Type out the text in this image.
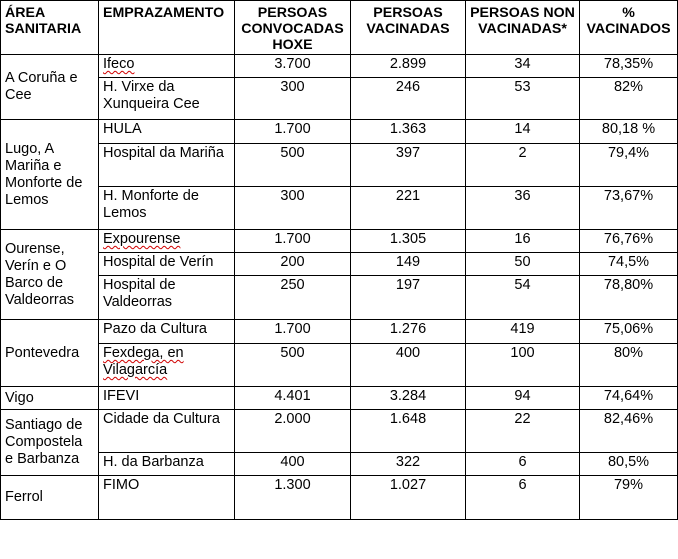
ÁREA SANITARIA	EMPRAZAMENTO	PERSOAS CONVOCADAS HOXE	PERSOAS VACINADAS	PERSOAS NON VACINADAS*	% VACINADOS
A Coruña e Cee	Ifeco	3.700	2.899	34	78,35%
	H. Virxe da Xunqueira Cee	300	246	53	82%
Lugo, A Mariña e Monforte de Lemos	HULA	1.700	1.363	14	80,18 %
	Hospital da Mariña	500	397	2	79,4%
	H. Monforte de Lemos	300	221	36	73,67%
Ourense, Verín e O Barco de Valdeorras	Expourense	1.700	1.305	16	76,76%
	Hospital de Verín	200	149	50	74,5%
	Hospital de Valdeorras	250	197	54	78,80%
Pontevedra	Pazo da Cultura	1.700	1.276	419	75,06%
	Fexdega, en Vilagarcía	500	400	100	80%
Vigo	IFEVI	4.401	3.284	94	74,64%
Santiago de Compostela e Barbanza	Cidade da Cultura	2.000	1.648	22	82,46%
	H. da Barbanza	400	322	6	80,5%
Ferrol	FIMO	1.300	1.027	6	79%
